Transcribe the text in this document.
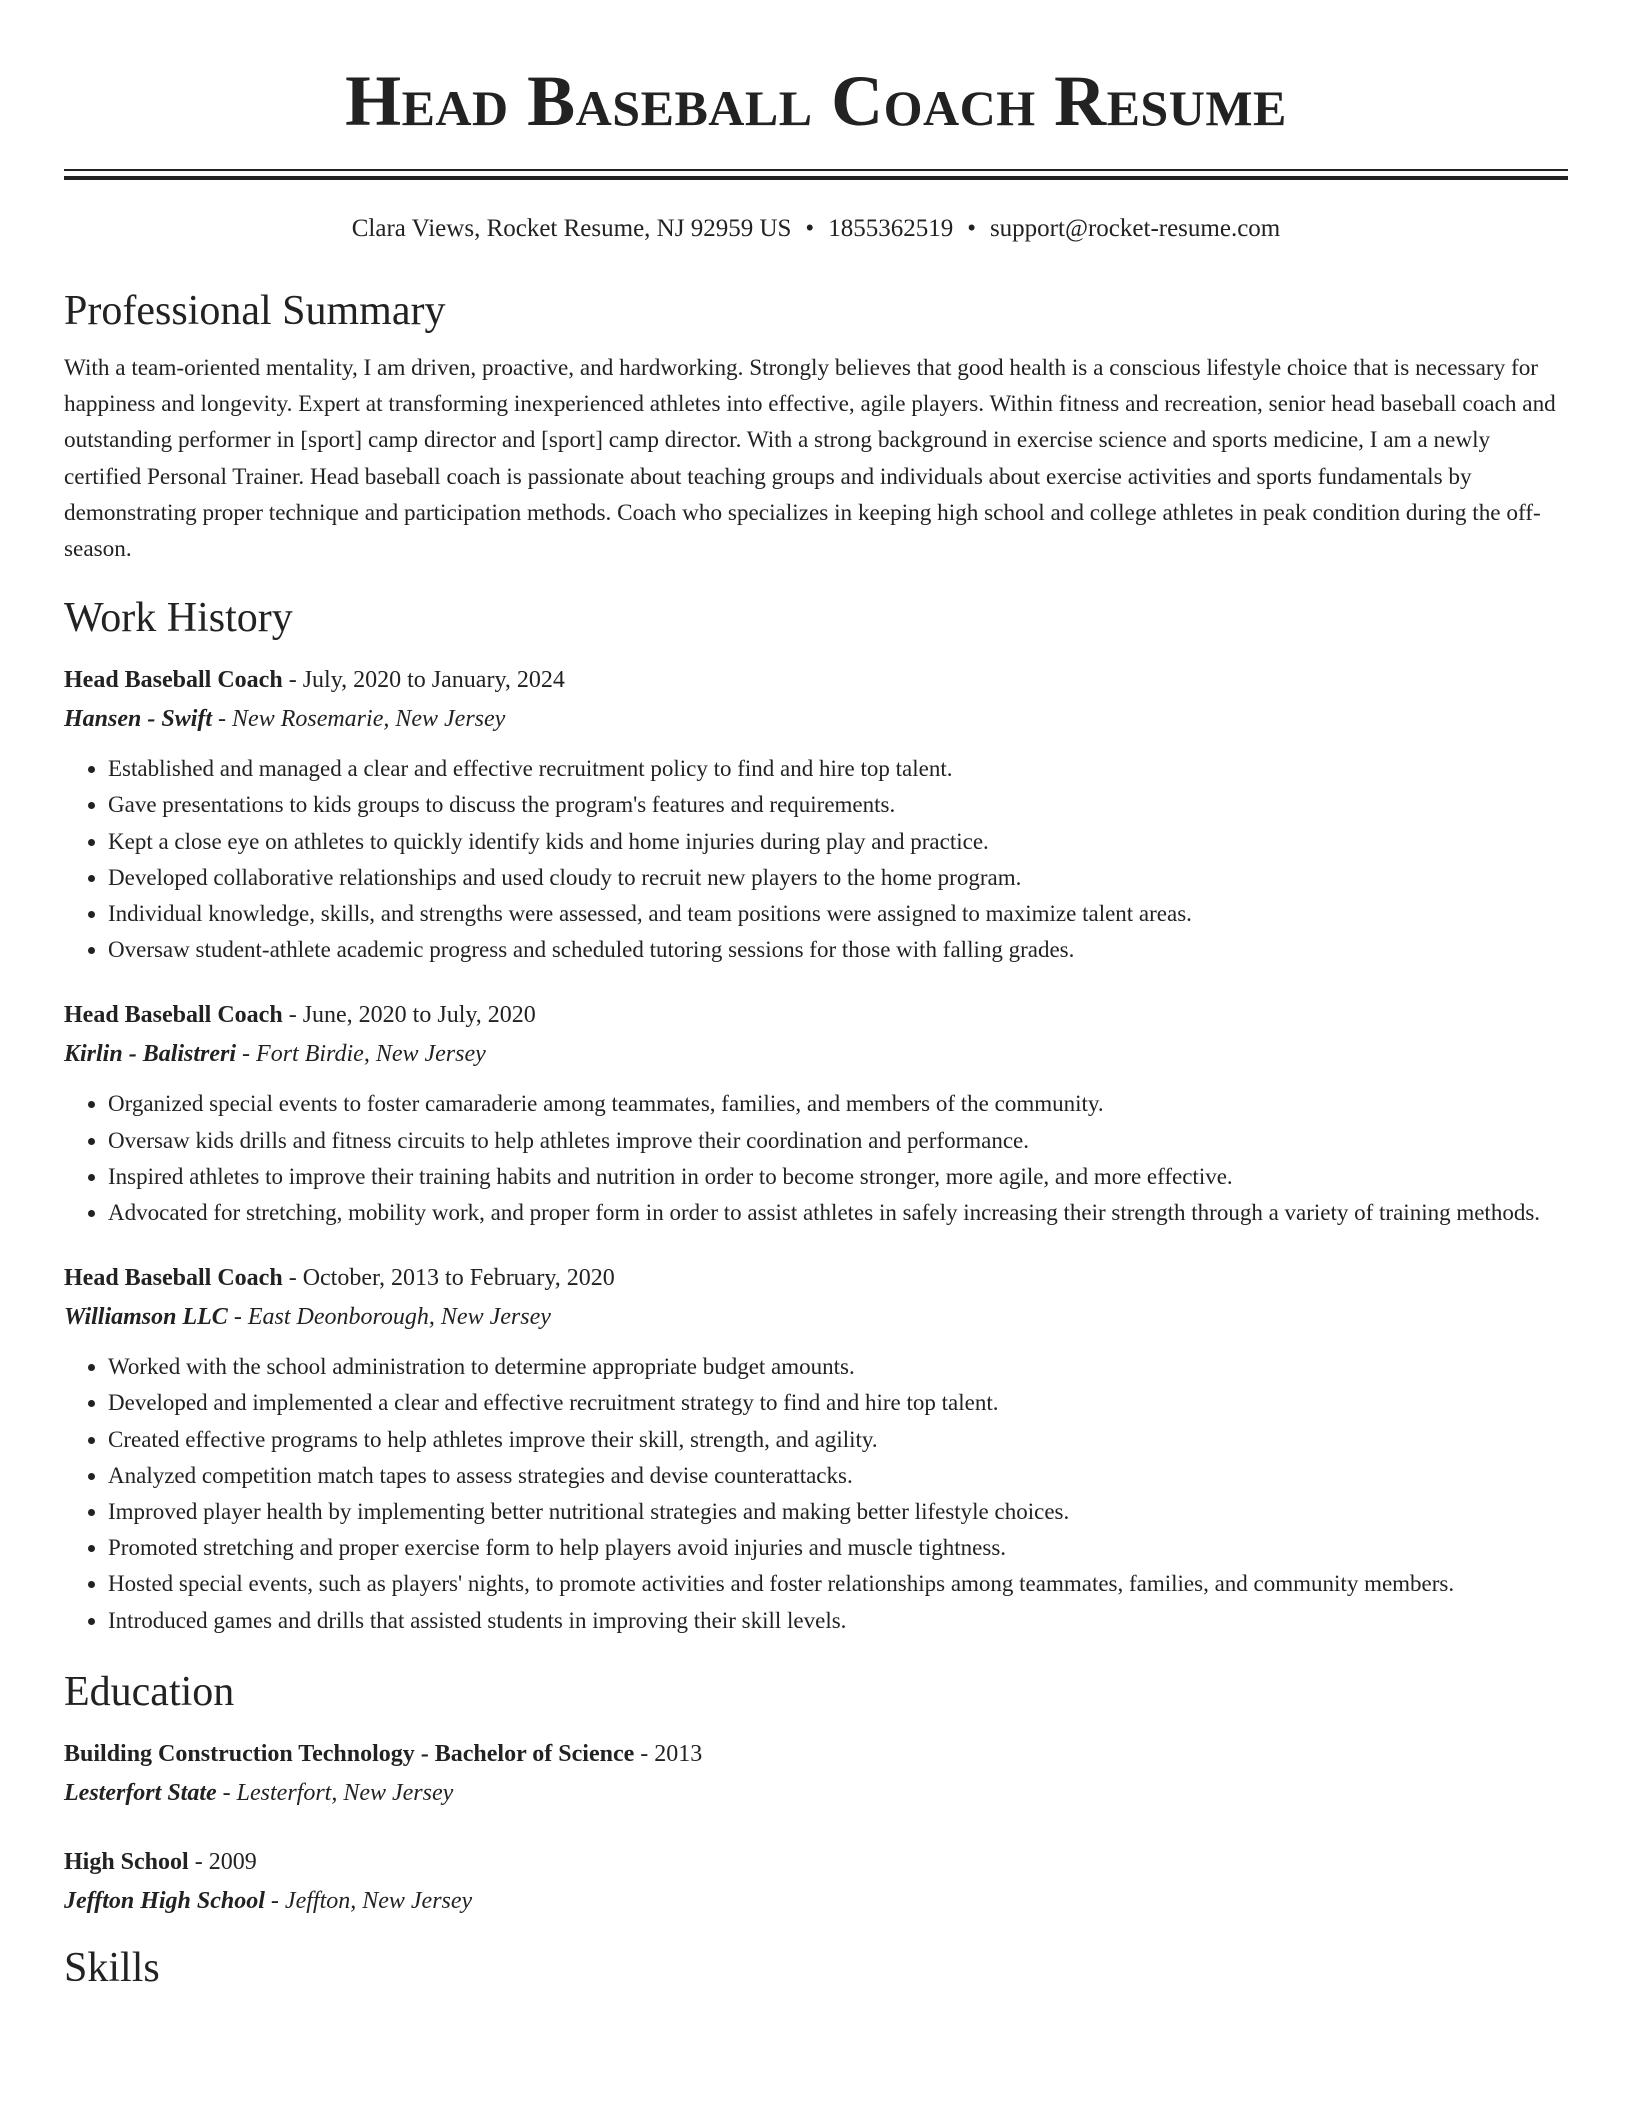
Head Baseball Coach Resume
Clara Views, Rocket Resume, NJ 92959 US • 1855362519 • support@rocket-resume.com
Professional Summary

With a team-oriented mentality, I am driven, proactive, and hardworking. Strongly believes that good health is a conscious lifestyle choice that is necessary for happiness and longevity. Expert at transforming inexperienced athletes into effective, agile players. Within fitness and recreation, senior head baseball coach and outstanding performer in [sport] camp director and [sport] camp director. With a strong background in exercise science and sports medicine, I am a newly certified Personal Trainer. Head baseball coach is passionate about teaching groups and individuals about exercise activities and sports fundamentals by demonstrating proper technique and participation methods. Coach who specializes in keeping high school and college athletes in peak condition during the off-season.

Work History
Head Baseball Coach - July, 2020 to January, 2024
Hansen - Swift - New Rosemarie, New Jersey
• Established and managed a clear and effective recruitment policy to find and hire top talent.
• Gave presentations to kids groups to discuss the program's features and requirements.
• Kept a close eye on athletes to quickly identify kids and home injuries during play and practice.
• Developed collaborative relationships and used cloudy to recruit new players to the home program.
• Individual knowledge, skills, and strengths were assessed, and team positions were assigned to maximize talent areas.
• Oversaw student-athlete academic progress and scheduled tutoring sessions for those with falling grades.
Head Baseball Coach - June, 2020 to July, 2020
Kirlin - Balistreri - Fort Birdie, New Jersey
• Organized special events to foster camaraderie among teammates, families, and members of the community.
• Oversaw kids drills and fitness circuits to help athletes improve their coordination and performance.
• Inspired athletes to improve their training habits and nutrition in order to become stronger, more agile, and more effective.
• Advocated for stretching, mobility work, and proper form in order to assist athletes in safely increasing their strength through a variety of training methods.
Head Baseball Coach - October, 2013 to February, 2020
Williamson LLC - East Deonborough, New Jersey
• Worked with the school administration to determine appropriate budget amounts.
• Developed and implemented a clear and effective recruitment strategy to find and hire top talent.
• Created effective programs to help athletes improve their skill, strength, and agility.
• Analyzed competition match tapes to assess strategies and devise counterattacks.
• Improved player health by implementing better nutritional strategies and making better lifestyle choices.
• Promoted stretching and proper exercise form to help players avoid injuries and muscle tightness.
• Hosted special events, such as players' nights, to promote activities and foster relationships among teammates, families, and community members.
• Introduced games and drills that assisted students in improving their skill levels.
Education
Building Construction Technology - Bachelor of Science - 2013
Lesterfort State - Lesterfort, New Jersey
High School - 2009
Jeffton High School - Jeffton, New Jersey
Skills
